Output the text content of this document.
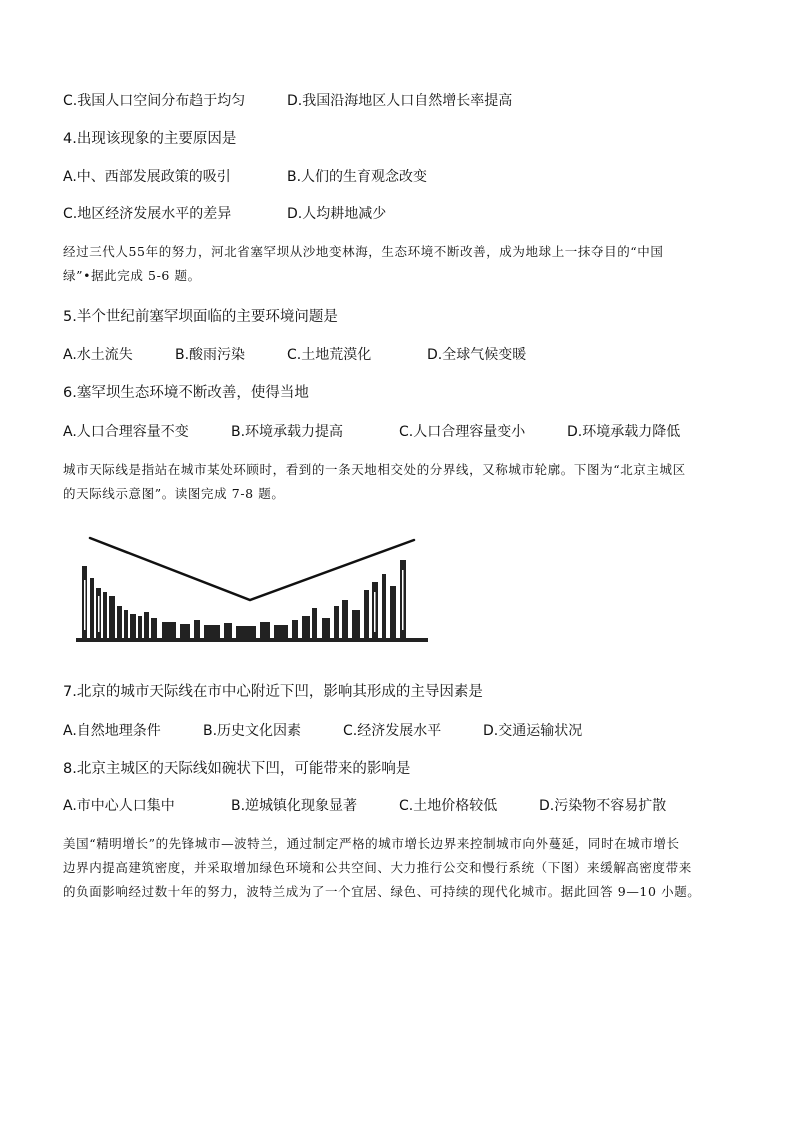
C.我国人口空间分布趋于均匀	D.我国沿海地区人口自然增长率提高
4.出现该现象的主要原因是
A.中、西部发展政策的吸引	B.人们的生育观念改变
C.地区经济发展水平的差异	D.人均耕地减少
经过三代人55年的努力，河北省塞罕坝从沙地变林海，生态环境不断改善，成为地球上一抹夺目的“中国
绿”•据此完成 5-6 题。
5.半个世纪前塞罕坝面临的主要环境问题是
A.水土流失	B.酸雨污染	C.土地荒漠化	D.全球气候变暖
6.塞罕坝生态环境不断改善，使得当地
A.人口合理容量不变	B.环境承载力提高	C.人口合理容量变小	D.环境承载力降低
城市天际线是指站在城市某处环顾时，看到的一条天地相交处的分界线，又称城市轮廓。下图为“北京主城区
的天际线示意图”。读图完成 7-8 题。
7.北京的城市天际线在市中心附近下凹，影响其形成的主导因素是
A.自然地理条件	B.历史文化因素	C.经济发展水平	D.交通运输状况
8.北京主城区的天际线如碗状下凹，可能带来的影响是
A.市中心人口集中	B.逆城镇化现象显著	C.土地价格较低	D.污染物不容易扩散
美国“精明增长”的先锋城市—波特兰，通过制定严格的城市增长边界来控制城市向外蔓延，同时在城市增长
边界内提高建筑密度，并采取增加绿色环境和公共空间、大力推行公交和慢行系统（下图）来缓解高密度带来
的负面影响经过数十年的努力，波特兰成为了一个宜居、绿色、可持续的现代化城市。据此回答 9—10 小题。
